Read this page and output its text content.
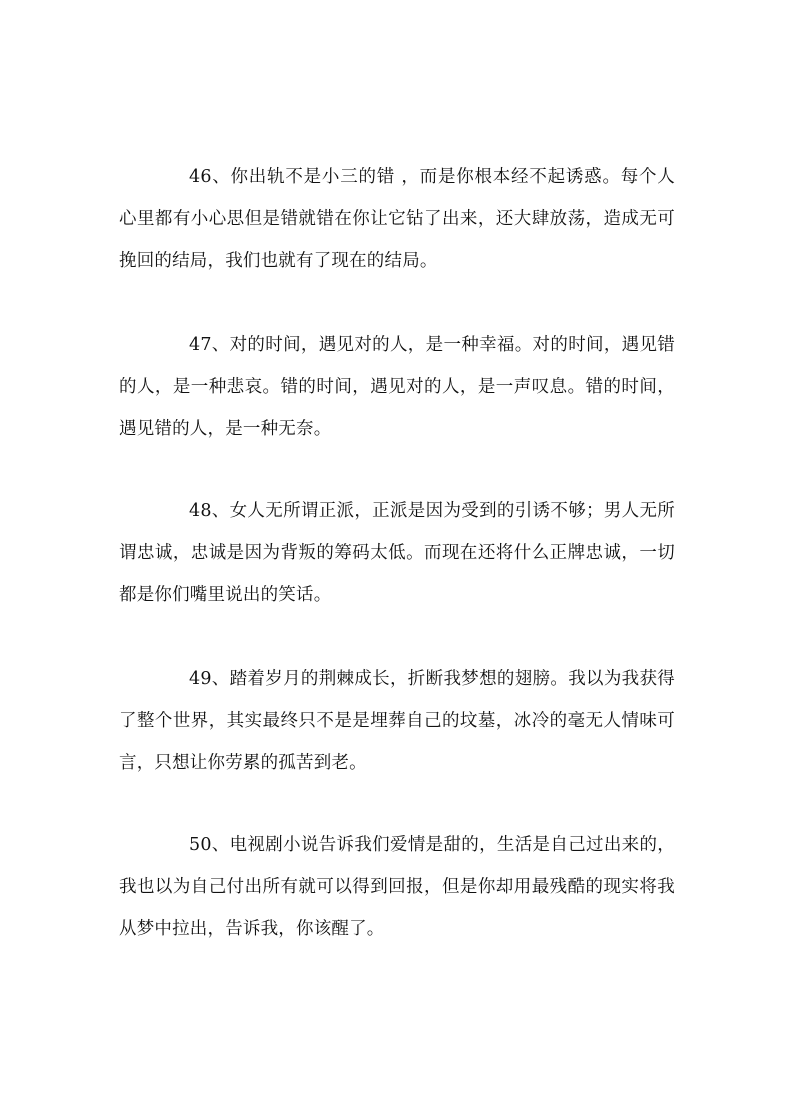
46、你出轨不是小三的错 ，而是你根本经不起诱惑。每个人心里都有小心思但是错就错在你让它钻了出来，还大肆放荡，造成无可挽回的结局，我们也就有了现在的结局。

47、对的时间，遇见对的人，是一种幸福。对的时间，遇见错的人，是一种悲哀。错的时间，遇见对的人，是一声叹息。错的时间，遇见错的人，是一种无奈。

48、女人无所谓正派，正派是因为受到的引诱不够；男人无所谓忠诚，忠诚是因为背叛的筹码太低。而现在还将什么正牌忠诚，一切都是你们嘴里说出的笑话。

49、踏着岁月的荆棘成长，折断我梦想的翅膀。我以为我获得了整个世界，其实最终只不是是埋葬自己的坟墓，冰冷的毫无人情味可言，只想让你劳累的孤苦到老。

50、电视剧小说告诉我们爱情是甜的，生活是自己过出来的，我也以为自己付出所有就可以得到回报，但是你却用最残酷的现实将我从梦中拉出，告诉我，你该醒了。
